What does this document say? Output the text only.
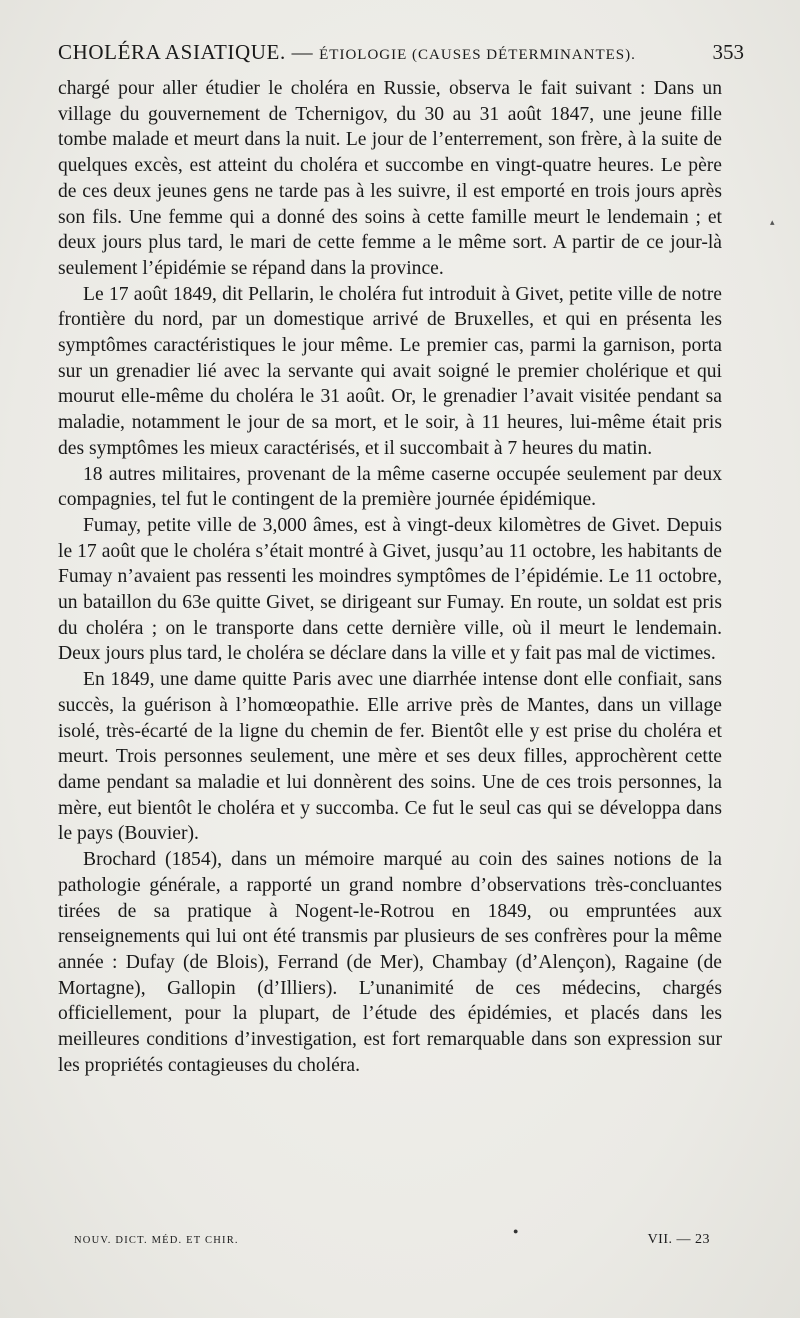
CHOLÉRA ASIATIQUE. — ÉTIOLOGIE (CAUSES DÉTERMINANTES).	353

chargé pour aller étudier le choléra en Russie, observa le fait suivant : Dans un village du gouvernement de Tchernigov, du 30 au 31 août 1847, une jeune fille tombe malade et meurt dans la nuit. Le jour de l’enterrement, son frère, à la suite de quelques excès, est atteint du choléra et succombe en vingt-quatre heures. Le père de ces deux jeunes gens ne tarde pas à les suivre, il est emporté en trois jours après son fils. Une femme qui a donné des soins à cette famille meurt le lendemain ; et deux jours plus tard, le mari de cette femme a le même sort. A partir de ce jour-là seulement l’épidémie se répand dans la province.

Le 17 août 1849, dit Pellarin, le choléra fut introduit à Givet, petite ville de notre frontière du nord, par un domestique arrivé de Bruxelles, et qui en présenta les symptômes caractéristiques le jour même. Le premier cas, parmi la garnison, porta sur un grenadier lié avec la servante qui avait soigné le premier cholérique et qui mourut elle-même du choléra le 31 août. Or, le grenadier l’avait visitée pendant sa maladie, notamment le jour de sa mort, et le soir, à 11 heures, lui-même était pris des symptômes les mieux caractérisés, et il succombait à 7 heures du matin.

18 autres militaires, provenant de la même caserne occupée seulement par deux compagnies, tel fut le contingent de la première journée épidémique.

Fumay, petite ville de 3,000 âmes, est à vingt-deux kilomètres de Givet. Depuis le 17 août que le choléra s’était montré à Givet, jusqu’au 11 octobre, les habitants de Fumay n’avaient pas ressenti les moindres symptômes de l’épidémie. Le 11 octobre, un bataillon du 63e quitte Givet, se dirigeant sur Fumay. En route, un soldat est pris du choléra ; on le transporte dans cette dernière ville, où il meurt le lendemain. Deux jours plus tard, le choléra se déclare dans la ville et y fait pas mal de victimes.

En 1849, une dame quitte Paris avec une diarrhée intense dont elle confiait, sans succès, la guérison à l’homœopathie. Elle arrive près de Mantes, dans un village isolé, très-écarté de la ligne du chemin de fer. Bientôt elle y est prise du choléra et meurt. Trois personnes seulement, une mère et ses deux filles, approchèrent cette dame pendant sa maladie et lui donnèrent des soins. Une de ces trois personnes, la mère, eut bientôt le choléra et y succomba. Ce fut le seul cas qui se développa dans le pays (Bouvier).

Brochard (1854), dans un mémoire marqué au coin des saines notions de la pathologie générale, a rapporté un grand nombre d’observations très-concluantes tirées de sa pratique à Nogent-le-Rotrou en 1849, ou empruntées aux renseignements qui lui ont été transmis par plusieurs de ses confrères pour la même année : Dufay (de Blois), Ferrand (de Mer), Chambay (d’Alençon), Ragaine (de Mortagne), Gallopin (d’Illiers). L’unanimité de ces médecins, chargés officiellement, pour la plupart, de l’étude des épidémies, et placés dans les meilleures conditions d’investigation, est fort remarquable dans son expression sur les propriétés contagieuses du choléra.

▴
●
NOUV. DICT. MÉD. ET CHIR.	VII. — 23
